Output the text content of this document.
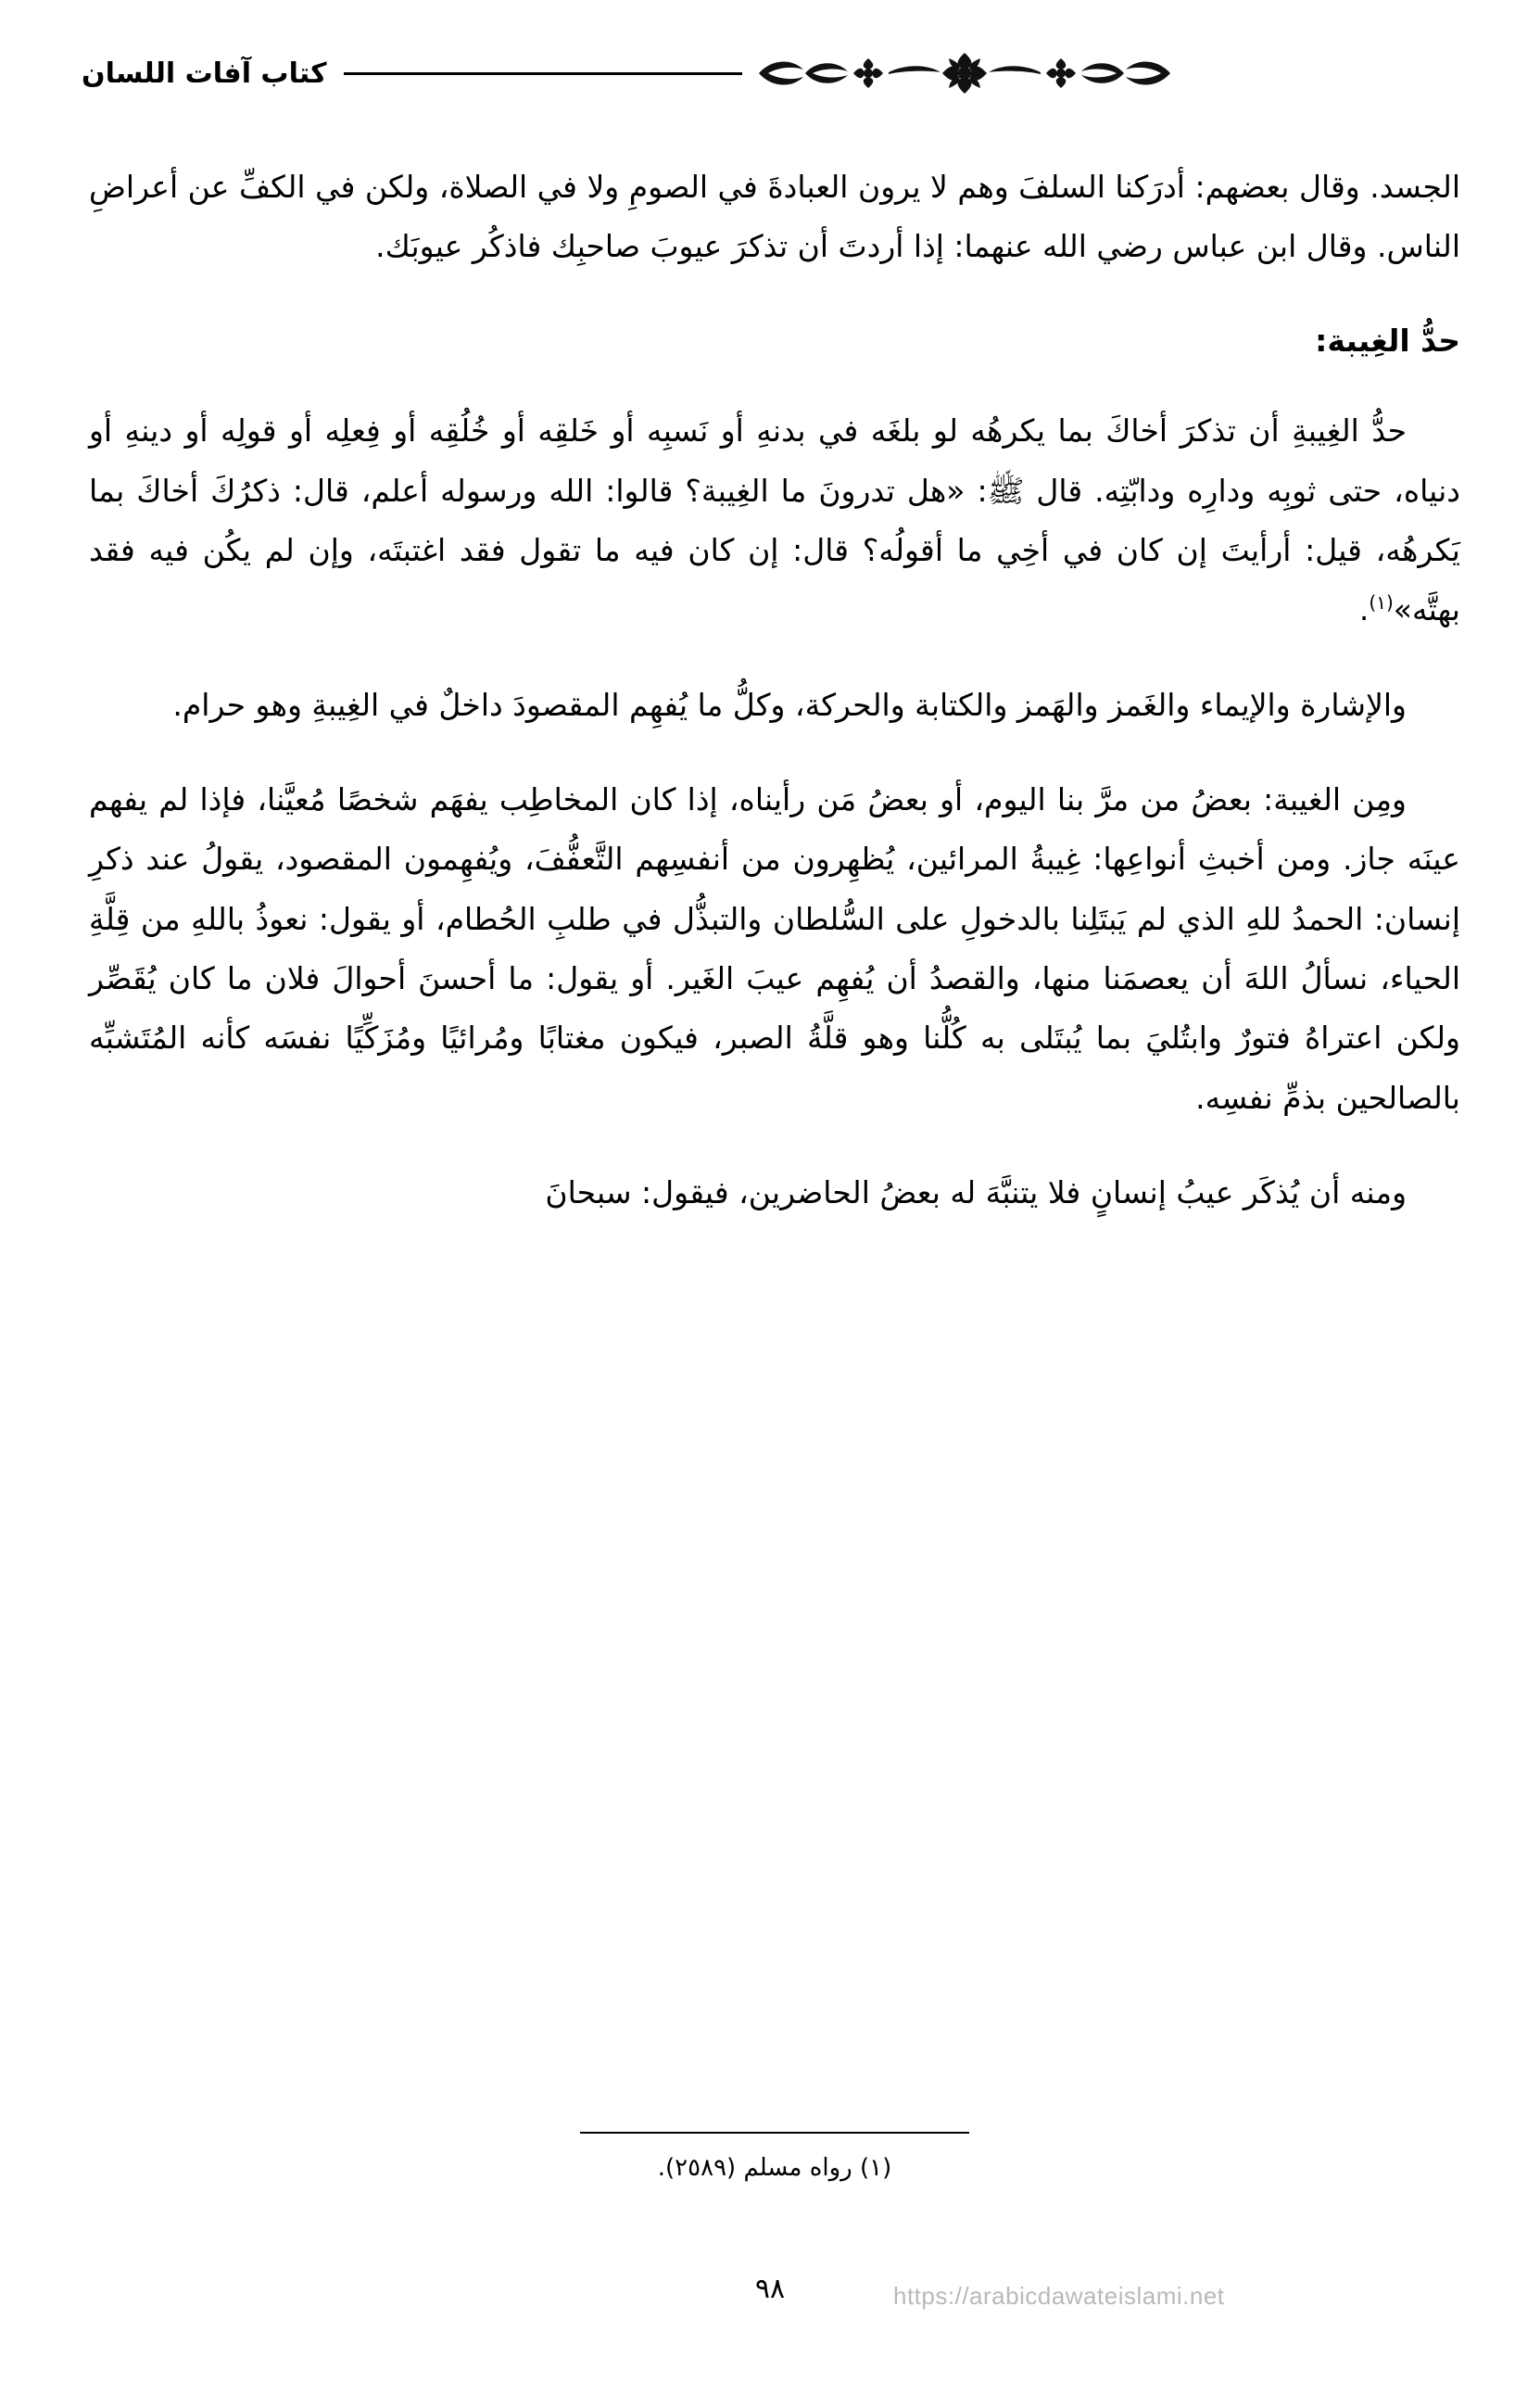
كتاب آفات اللسان

الجسد. وقال بعضهم: أدرَكنا السلفَ وهم لا يرون العبادةَ في الصومِ ولا في الصلاة، ولكن في الكفِّ عن أعراضِ الناس. وقال ابن عباس رضي الله عنهما: إذا أردتَ أن تذكرَ عيوبَ صاحبِك فاذكُر عيوبَك.

حدُّ الغِيبة:

حدُّ الغِيبةِ أن تذكرَ أخاكَ بما يكرهُه لو بلغَه في بدنهِ أو نَسبِه أو خَلقِه أو خُلُقِه أو فِعلِه أو قولِه أو دينهِ أو دنياه، حتى ثوبِه ودارِه ودابّتِه. قال ﷺ: «هل تدرونَ ما الغِيبة؟ قالوا: الله ورسوله أعلم، قال: ذكرُكَ أخاكَ بما يَكرهُه، قيل: أرأيتَ إن كان في أخِي ما أقولُه؟ قال: إن كان فيه ما تقول فقد اغتبتَه، وإن لم يكُن فيه فقد بهتَّه»$^{(١)}$.

والإشارة والإيماء والغَمز والهَمز والكتابة والحركة، وكلُّ ما يُفهِم المقصودَ داخلٌ في الغِيبةِ وهو حرام.

ومِن الغيبة: بعضُ من مرَّ بنا اليوم، أو بعضُ مَن رأيناه، إذا كان المخاطِب يفهَم شخصًا مُعيَّنا، فإذا لم يفهم عينَه جاز. ومن أخبثِ أنواعِها: غِيبةُ المرائين، يُظهِرون من أنفسِهم التَّعفُّفَ، ويُفهِمون المقصود، يقولُ عند ذكرِ إنسان: الحمدُ للهِ الذي لم يَبتَلِنا بالدخولِ على السُّلطان والتبذُّل في طلبِ الحُطام، أو يقول: نعوذُ باللهِ من قِلَّةِ الحياء، نسألُ اللهَ أن يعصمَنا منها، والقصدُ أن يُفهِم عيبَ الغَير. أو يقول: ما أحسنَ أحوالَ فلان ما كان يُقَصِّر ولكن اعتراهُ فتورٌ وابتُليَ بما يُبتَلى به كُلُّنا وهو قلَّةُ الصبر، فيكون مغتابًا ومُرائيًا ومُزَكِّيًا نفسَه كأنه المُتَشبِّه بالصالحين بذمِّ نفسِه.

ومنه أن يُذكَر عيبُ إنسانٍ فلا يتنبَّهَ له بعضُ الحاضرين، فيقول: سبحانَ

(١) رواه مسلم (٢٥٨٩).

٩٨	https://arabicdawateislami.net
